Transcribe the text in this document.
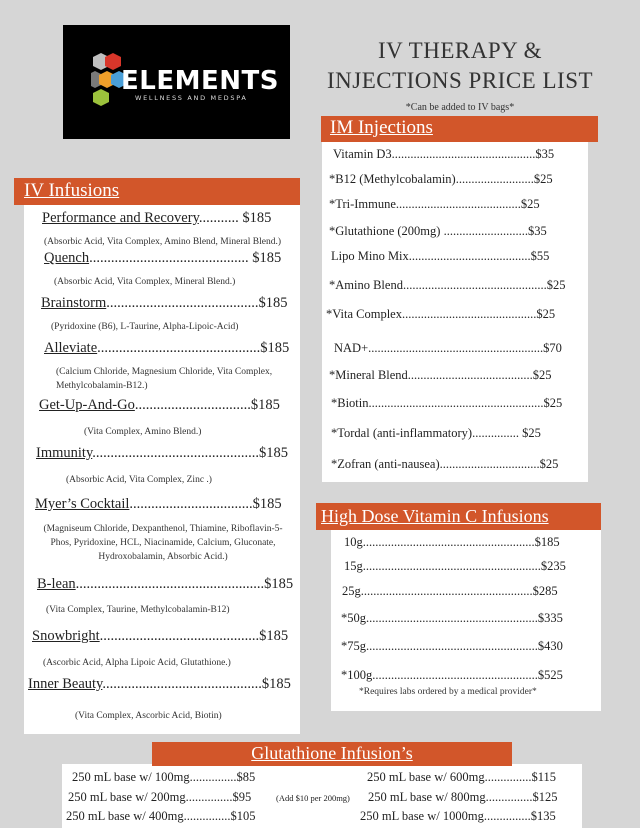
ELEMENTS
WELLNESS AND MEDSPA
IV THERAPY &
INJECTIONS PRICE LIST
*Can be added to IV bags*
Vitamin D3..............................................$35
*B12 (Methylcobalamin).........................$25
*Tri-Immune........................................$25
*Glutathione (200mg) ...........................$35
Lipo Mino Mix.......................................$55
*Amino Blend..............................................$25
*Vita Complex...........................................$25
NAD+........................................................$70
*Mineral Blend........................................$25
*Biotin........................................................$25
*Tordal (anti-inflammatory)............... $25
*Zofran (anti-nausea)................................$25
IM Injections
Performance and Recovery........... $185
(Absorbic Acid, Vita Complex, Amino Blend, Mineral Blend.)
Quench............................................ $185
(Absorbic Acid, Vita Complex, Mineral Blend.)
Brainstorm..........................................$185
(Pyridoxine (B6), L-Taurine, Alpha-Lipoic-Acid)
Alleviate.............................................$185
(Calcium Chloride, Magnesium Chloride, Vita Complex, Methylcobalamin-B12.)
Get-Up-And-Go................................$185
(Vita Complex, Amino Blend.)
Immunity..............................................$185
(Absorbic Acid, Vita Complex, Zinc .)
Myer’s Cocktail..................................$185
(Magniseum Chloride, Dexpanthenol, Thiamine, Riboflavin-5-Phos, Pyridoxine, HCL, Niacinamide, Calcium, Gluconate, Hydroxobalamin, Absorbic Acid.)
B-lean....................................................$185
(Vita Complex, Taurine, Methylcobalamin-B12)
Snowbright............................................$185
(Ascorbic Acid, Alpha Lipoic Acid, Glutathione.)
Inner Beauty............................................$185
(Vita Complex, Ascorbic Acid, Biotin)
IV Infusions
10g.......................................................$185
15g.........................................................$235
25g.......................................................$285
*50g.......................................................$335
*75g.......................................................$430
*100g.....................................................$525
*Requires labs ordered by a medical provider*
High Dose Vitamin C Infusions
250 mL base w/ 100mg...............$85
250 mL base w/ 200mg...............$95	(Add $10 per 200mg)
250 mL base w/ 400mg...............$105
250 mL base w/ 600mg...............$115
250 mL base w/ 800mg...............$125
250 mL base w/ 1000mg...............$135
Glutathione Infusion’s
